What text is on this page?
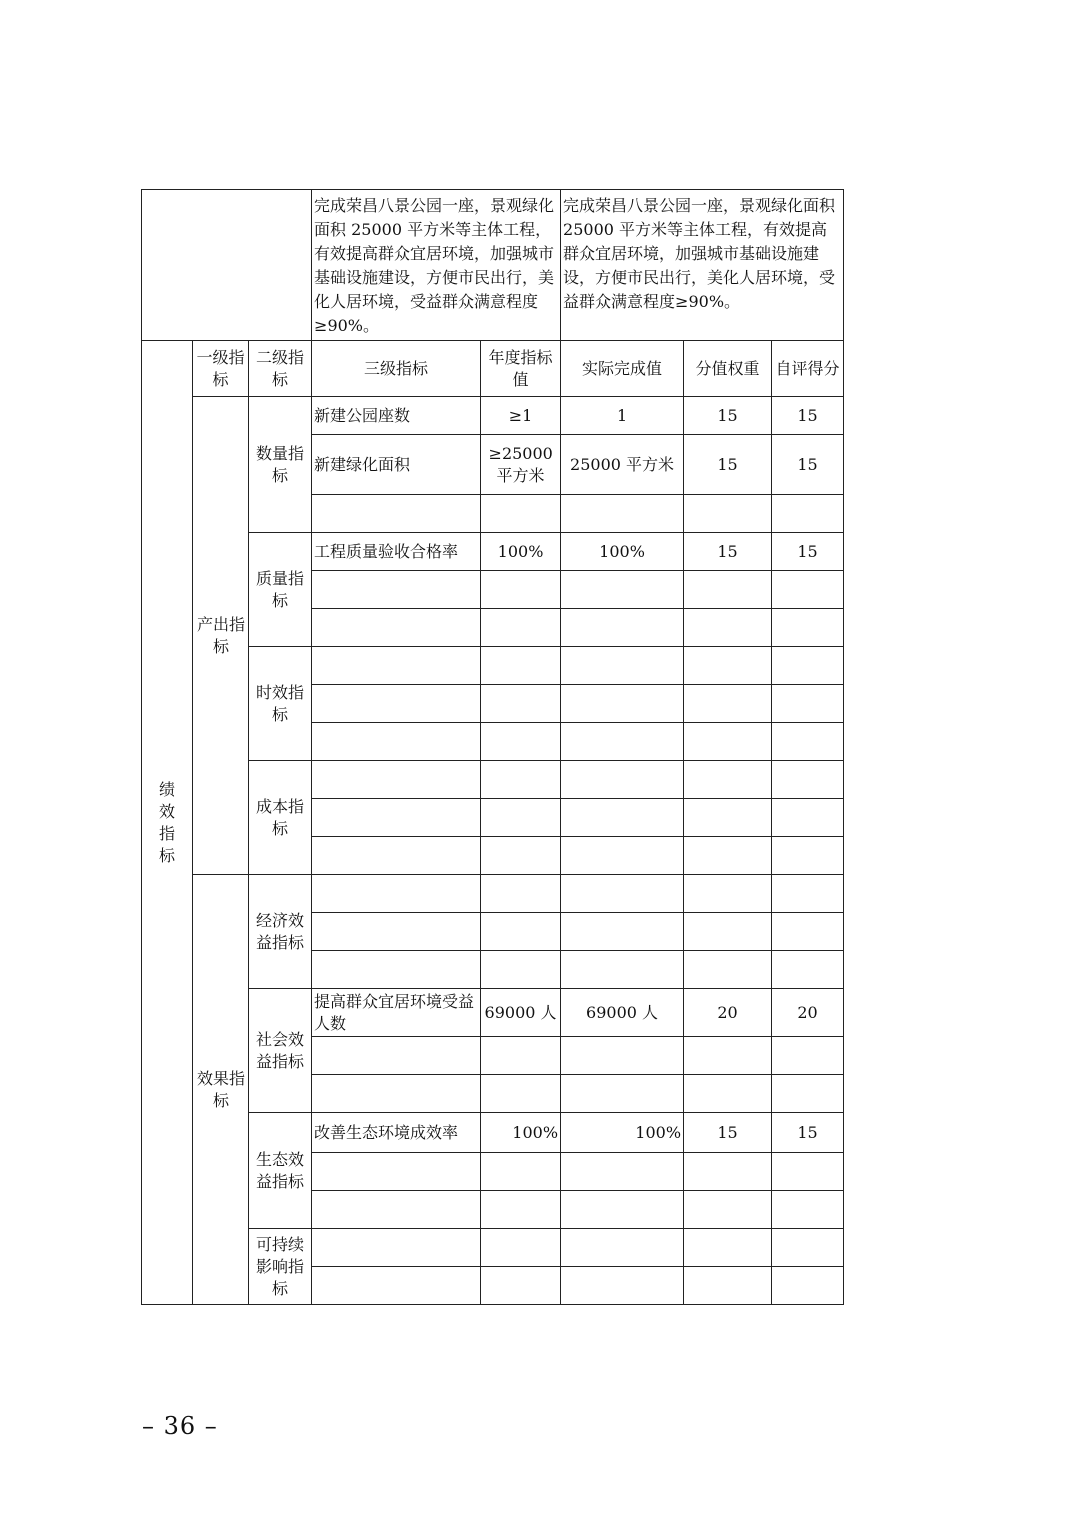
			完成荣昌八景公园一座，景观绿化面积 25000 平方米等主体工程，有效提高群众宜居环境，加强城市基础设施建设，方便市民出行，美化人居环境，受益群众满意程度≥90%。		完成荣昌八景公园一座，景观绿化面积 25000 平方米等主体工程，有效提高群众宜居环境，加强城市基础设施建设，方便市民出行，美化人居环境，受益群众满意程度≥90%。		
绩效指标	一级指标	二级指标	三级指标	年度指标值	实际完成值	分值权重	自评得分
	产出指标	数量指标	新建公园座数	≥1	1	15	15
			新建绿化面积	≥25000平方米	25000 平方米	15	15

		质量指标	工程质量验收合格率	100%	100%	15	15

		时效指标					

		成本指标					

	效果指标	经济效益指标					

		社会效益指标	提高群众宜居环境受益人数	69000 人	69000 人	20	20

		生态效益指标	改善生态环境成效率	100%	100%	15	15

		可持续影响指标					

– 36 –
